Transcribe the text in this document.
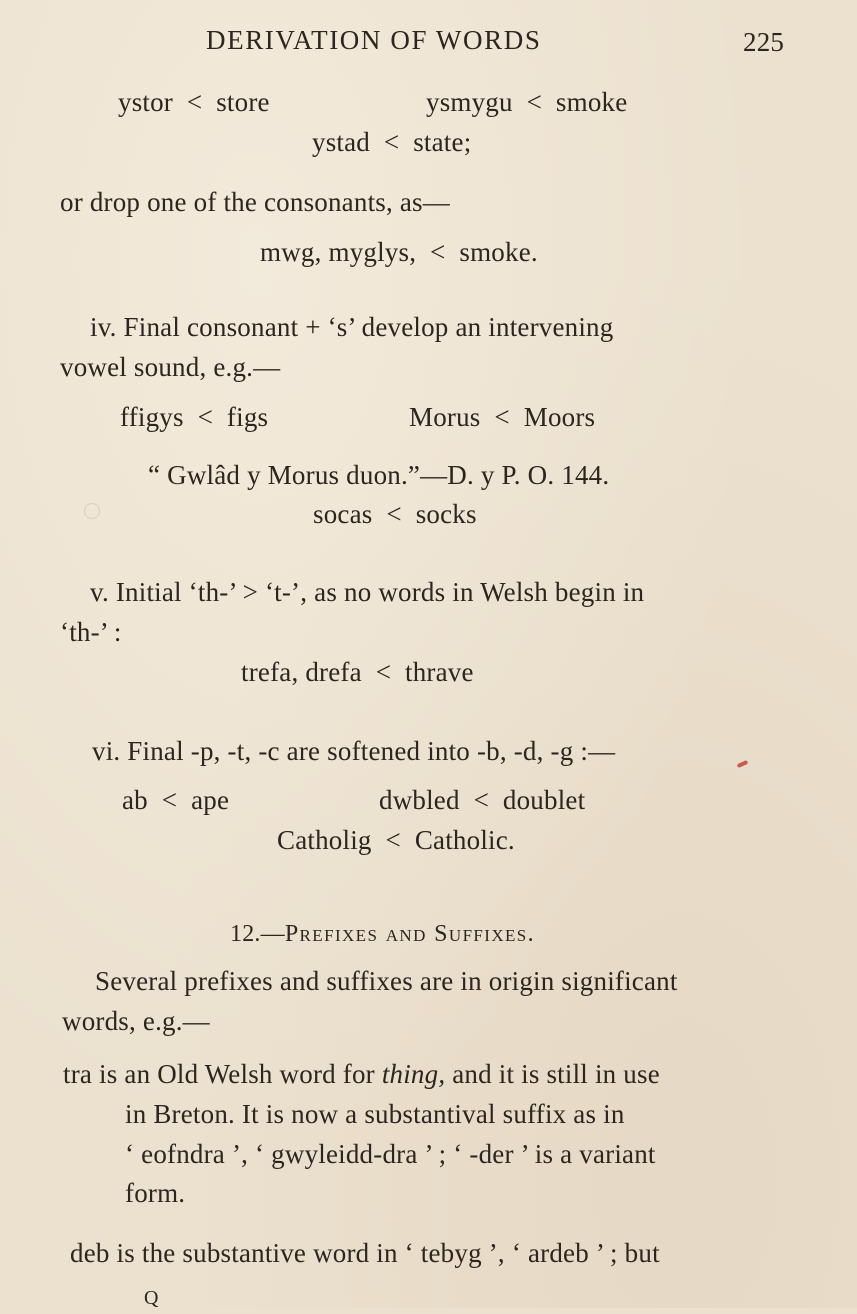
DERIVATION OF WORDS	225
ystor  <  store	ysmygu  <  smoke
ystad  <  state;
or drop one of the consonants, as—
mwg, myglys,  <  smoke.
iv. Final consonant + ‘s’ develop an intervening
vowel sound, e.g.—
ffigys  <  figs	Morus  <  Moors
“ Gwlâd y Morus duon.”—D. y P. O. 144.
socas  <  socks
v. Initial ‘th-’ > ‘t-’, as no words in Welsh begin in
‘th-’ :
trefa, drefa  <  thrave
vi. Final -p, -t, -c are softened into -b, -d, -g :—
ab  <  ape	dwbled  <  doublet
Catholig  <  Catholic.
12.—Prefixes and Suffixes.
Several prefixes and suffixes are in origin significant
words, e.g.—
tra is an Old Welsh word for thing, and it is still in use
in Breton. It is now a substantival suffix as in
‘ eofndra ’, ‘ gwyleidd-dra ’ ; ‘ -der ’ is a variant
form.
deb is the substantive word in ‘ tebyg ’, ‘ ardeb ’ ; but
Q
